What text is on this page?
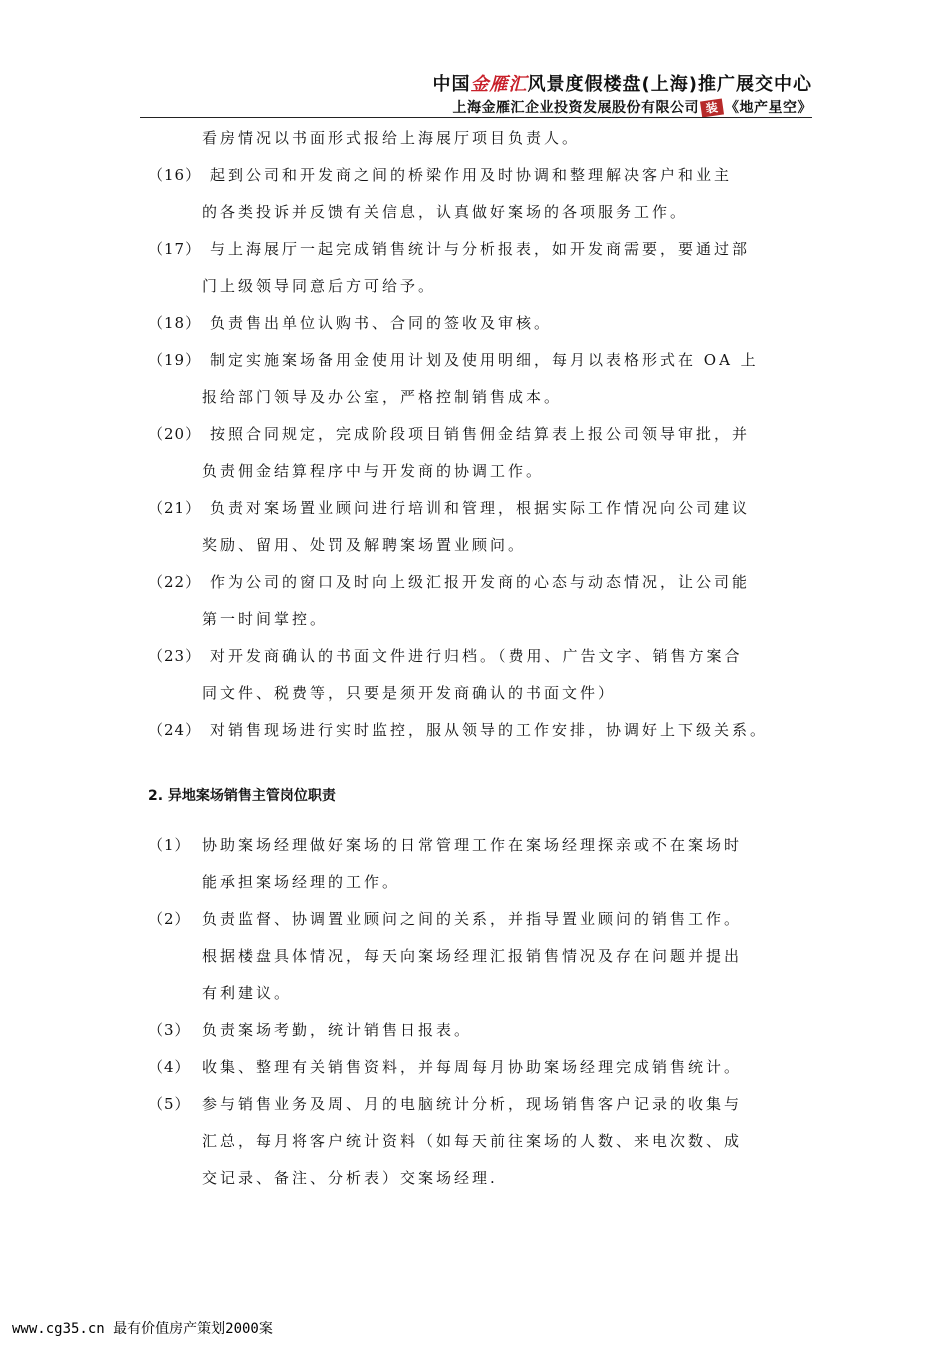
中国金雁汇风景度假楼盘(上海)推广展交中心
上海金雁汇企业投资发展股份有限公司 装 《地产星空》
看房情况以书面形式报给上海展厅项目负责人。
（16） 起到公司和开发商之间的桥梁作用及时协调和整理解决客户和业主
的各类投诉并反馈有关信息，认真做好案场的各项服务工作。
（17） 与上海展厅一起完成销售统计与分析报表，如开发商需要，要通过部
门上级领导同意后方可给予。
（18） 负责售出单位认购书、合同的签收及审核。
（19） 制定实施案场备用金使用计划及使用明细，每月以表格形式在 OA 上
报给部门领导及办公室，严格控制销售成本。
（20） 按照合同规定，完成阶段项目销售佣金结算表上报公司领导审批，并
负责佣金结算程序中与开发商的协调工作。
（21） 负责对案场置业顾问进行培训和管理，根据实际工作情况向公司建议
奖励、留用、处罚及解聘案场置业顾问。
（22） 作为公司的窗口及时向上级汇报开发商的心态与动态情况，让公司能
第一时间掌控。
（23） 对开发商确认的书面文件进行归档。（费用、广告文字、销售方案合
同文件、税费等，只要是须开发商确认的书面文件）
（24） 对销售现场进行实时监控，服从领导的工作安排，协调好上下级关系。
2. 异地案场销售主管岗位职责
（1） 协助案场经理做好案场的日常管理工作在案场经理探亲或不在案场时
能承担案场经理的工作。
（2） 负责监督、协调置业顾问之间的关系，并指导置业顾问的销售工作。
根据楼盘具体情况，每天向案场经理汇报销售情况及存在问题并提出
有利建议。
（3） 负责案场考勤，统计销售日报表。
（4） 收集、整理有关销售资料，并每周每月协助案场经理完成销售统计。
（5） 参与销售业务及周、月的电脑统计分析，现场销售客户记录的收集与
汇总，每月将客户统计资料（如每天前往案场的人数、来电次数、成
交记录、备注、分析表）交案场经理.
www.cg35.cn 最有价值房产策划2000案
